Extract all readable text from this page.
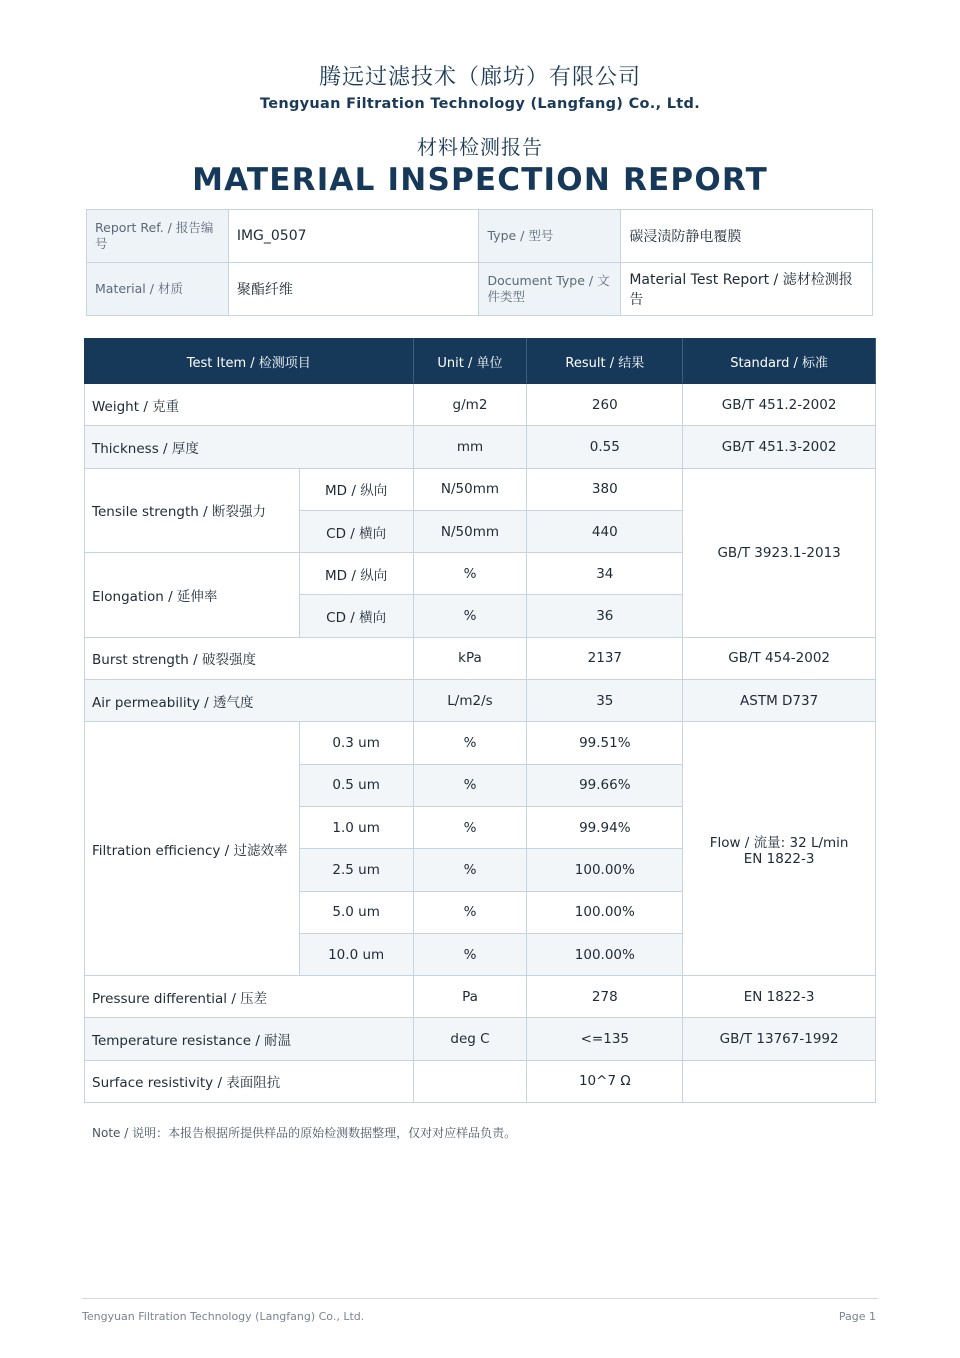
腾远过滤技术（廊坊）有限公司
Tengyuan Filtration Technology (Langfang) Co., Ltd.
材料检测报告
MATERIAL INSPECTION REPORT
Report Ref. / 报告编号	IMG_0507	Type / 型号	碳浸渍防静电覆膜
Material / 材质	聚酯纤维	Document Type / 文件类型	Material Test Report / 滤材检测报告
Test Item / 检测项目		Unit / 单位	Result / 结果	Standard / 标准
Weight / 克重		g/m2	260	GB/T 451.2-2002
Thickness / 厚度		mm	0.55	GB/T 451.3-2002
Tensile strength / 断裂强力	MD / 纵向	N/50mm	380	GB/T 3923.1-2013
	CD / 横向	N/50mm	440	
Elongation / 延伸率	MD / 纵向	%	34	
	CD / 横向	%	36	
Burst strength / 破裂强度		kPa	2137	GB/T 454-2002
Air permeability / 透气度		L/m2/s	35	ASTM D737
Filtration efficiency / 过滤效率	0.3 um	%	99.51%	Flow / 流量: 32 L/min
EN 1822-3

	0.5 um	%	99.66%	
	1.0 um	%	99.94%	
	2.5 um	%	100.00%	
	5.0 um	%	100.00%	
	10.0 um	%	100.00%	
Pressure differential / 压差		Pa	278	EN 1822-3
Temperature resistance / 耐温		deg C	<=135	GB/T 13767-1992
Surface resistivity / 表面阻抗			10^7 Ω	
Note / 说明：本报告根据所提供样品的原始检测数据整理，仅对对应样品负责。
Tengyuan Filtration Technology (Langfang) Co., Ltd.	Page 1
